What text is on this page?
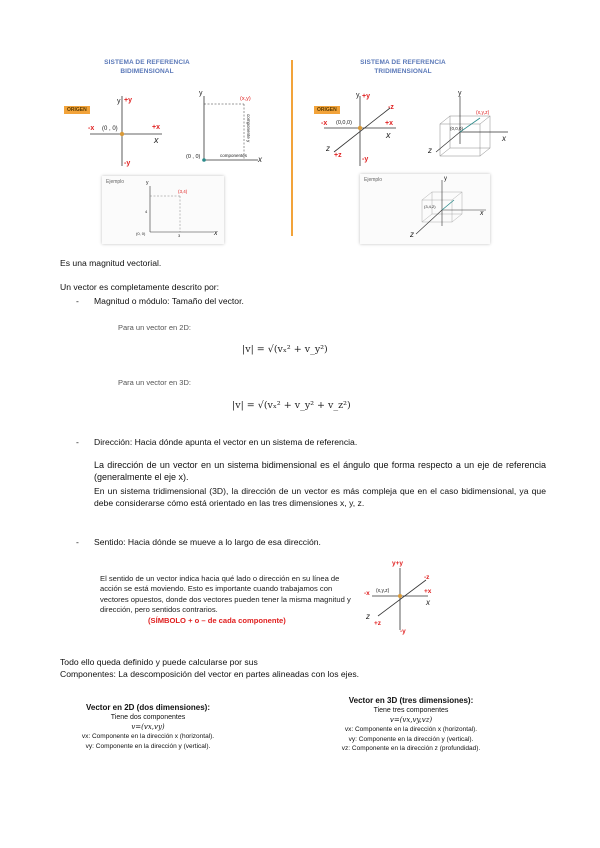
SISTEMA DE REFERENCIA
BIDIMENSIONAL
ORIGEN
y +y
-x (0 , 0)	+x
x
-y
y
(x,y)
componente y
componentes
(0 , 0)	x
Ejemplo	y
(3,4)
4
(0, 0)	3	x
SISTEMA DE REFERENCIA
TRIDIMENSIONAL
ORIGEN
y +y
-z
-x (0,0,0)	+x
x
z
+z
-y
y
(x,y,z)
(0,0,0)
x
z
Ejemplo	y
(3,4,2)
x
z
Es una magnitud vectorial.
Un vector es completamente descrito por:
- Magnitud o módulo: Tamaño del vector.
Para un vector en 2D:
|v| = √(vₓ² + v_y²)
Para un vector en 3D:
|v| = √(vₓ² + v_y² + v_z²)
- Dirección: Hacia dónde apunta el vector en un sistema de referencia.
La dirección de un vector en un sistema bidimensional es el ángulo que forma respecto a un eje de referencia (generalmente el eje x).
En un sistema tridimensional (3D), la dirección de un vector es más compleja que en el caso bidimensional, ya que debe considerarse cómo está orientado en las tres dimensiones x, y, z.
- Sentido: Hacia dónde se mueve a lo largo de esa dirección.
El sentido de un vector indica hacia qué lado o dirección en su línea de acción se está moviendo. Esto es importante cuando trabajamos con vectores opuestos, donde dos vectores pueden tener la misma magnitud y dirección, pero sentidos contrarios.
(SÍMBOLO + o – de cada componente)
y+y
-z
(x,y,z)
-x	+x
x
z
+z
-y
Todo ello queda definido y puede calcularse por sus
Componentes: La descomposición del vector en partes alineadas con los ejes.
Vector en 2D (dos dimensiones):
Tiene dos componentes
v=(vx,vy)
vx: Componente en la dirección x (horizontal).
vy: Componente en la dirección y (vertical).
Vector en 3D (tres dimensiones):
Tiene tres componentes
v=(vx,vy,vz)
vx: Componente en la dirección x (horizontal).
vy: Componente en la dirección y (vertical).
vz: Componente en la dirección z (profundidad).
